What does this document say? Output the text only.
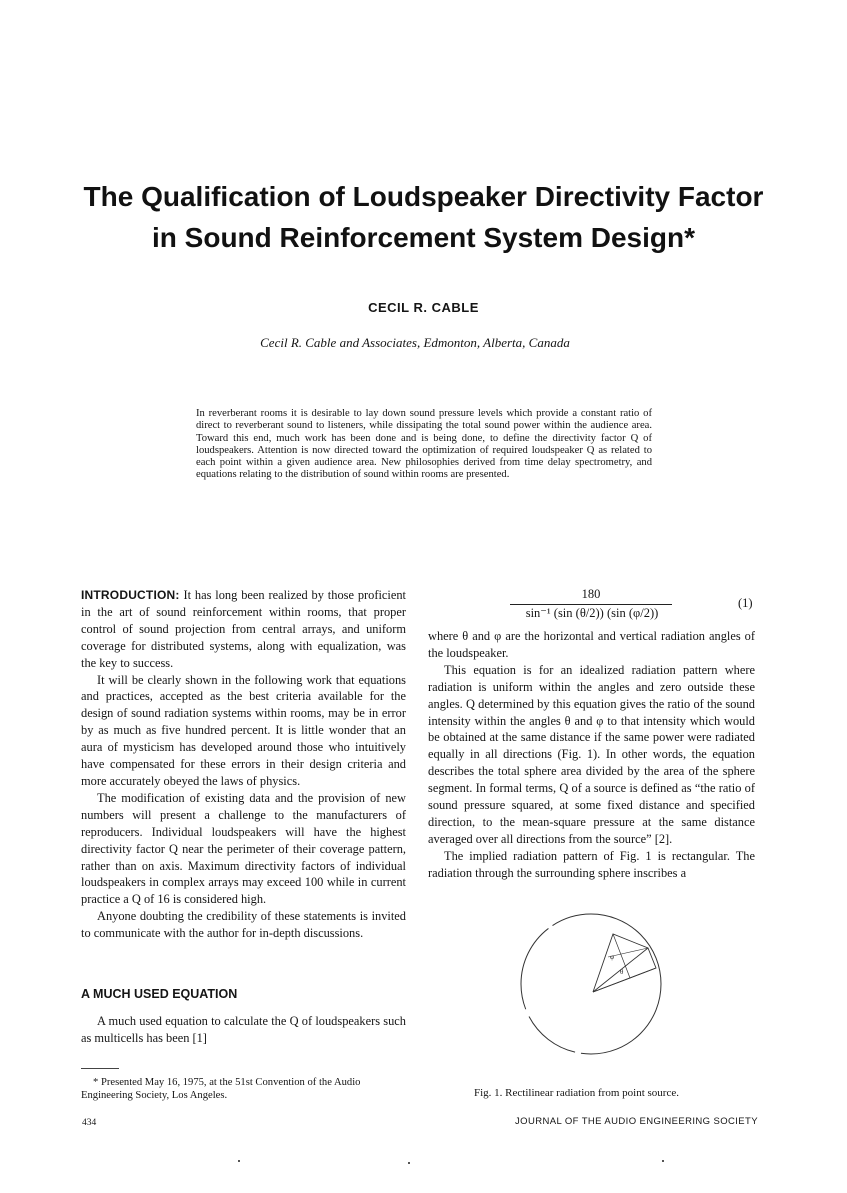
The Qualification of Loudspeaker Directivity Factor
in Sound Reinforcement System Design*
CECIL R. CABLE
Cecil R. Cable and Associates, Edmonton, Alberta, Canada
In reverberant rooms it is desirable to lay down sound pressure levels which provide a constant ratio of direct to reverberant sound to listeners, while dissipating the total sound power within the audience area. Toward this end, much work has been done and is being done, to define the directivity factor Q of loudspeakers. Attention is now directed toward the optimization of required loudspeaker Q as related to each point within a given audience area. New philosophies derived from time delay spectrometry, and equations relating to the distribution of sound within rooms are presented.

INTRODUCTION: It has long been realized by those proficient in the art of sound reinforcement within rooms, that proper control of sound projection from central arrays, and uniform coverage for distributed systems, along with equalization, was the key to success.

It will be clearly shown in the following work that equations and practices, accepted as the best criteria available for the design of sound radiation systems within rooms, may be in error by as much as five hundred percent. It is little wonder that an aura of mysticism has developed around those who intuitively have compensated for these errors in their design criteria and more accurately obeyed the laws of physics.

The modification of existing data and the provision of new numbers will present a challenge to the manufacturers of reproducers. Individual loudspeakers will have the highest directivity factor Q near the perimeter of their coverage pattern, rather than on axis. Maximum directivity factors of individual loudspeakers in complex arrays may exceed 100 while in current practice a Q of 16 is considered high.

Anyone doubting the credibility of these statements is invited to communicate with the author for in-depth discussions.

A MUCH USED EQUATION

A much used equation to calculate the Q of loudspeakers such as multicells has been [1]

* Presented May 16, 1975, at the 51st Convention of the Audio
Engineering Society, Los Angeles.
180
sin⁻¹ (sin (θ/2)) (sin (φ/2))
(1)

where θ and φ are the horizontal and vertical radiation angles of the loudspeaker.

This equation is for an idealized radiation pattern where radiation is uniform within the angles and zero outside these angles. Q determined by this equation gives the ratio of the sound intensity within the angles θ and φ to that intensity which would be obtained at the same distance if the same power were radiated equally in all directions (Fig. 1). In other words, the equation describes the total sphere area divided by the area of the sphere segment. In formal terms, Q of a source is defined as “the ratio of sound pressure squared, at some fixed distance and specified direction, to the mean-square pressure at the same distance averaged over all directions from the source” [2].

The implied radiation pattern of Fig. 1 is rectangular. The radiation through the surrounding sphere inscribes a

θ
φ
Fig. 1. Rectilinear radiation from point source.
434	JOURNAL OF THE AUDIO ENGINEERING SOCIETY
